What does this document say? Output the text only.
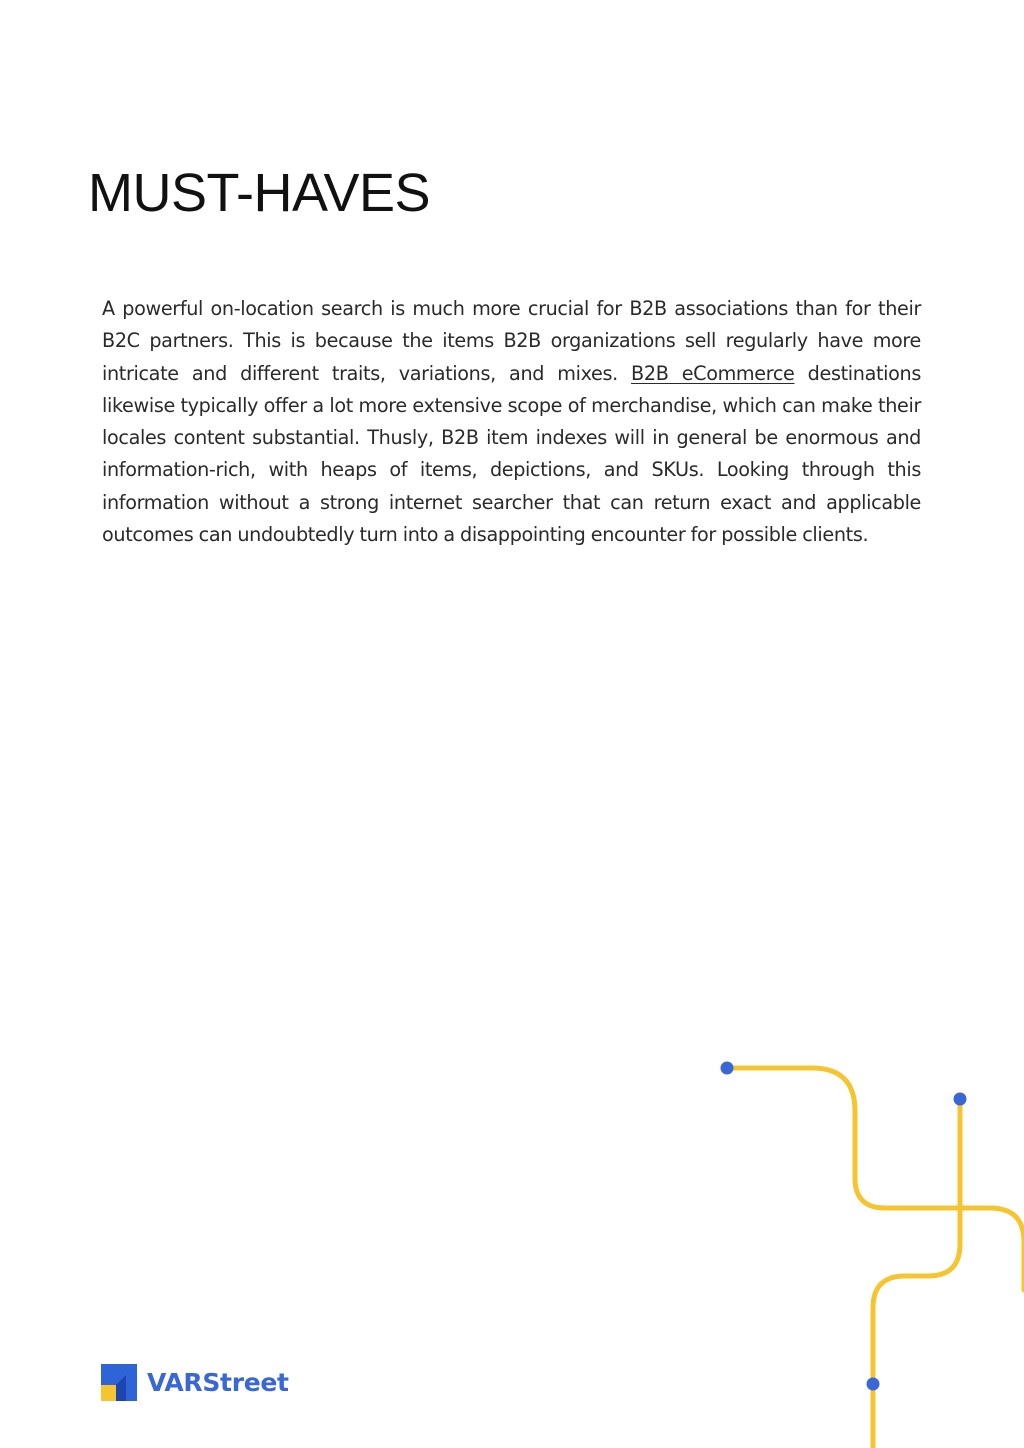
MUST-HAVES

A powerful on-location search is much more crucial for B2B associations than for their B2C partners. This is because the items B2B organizations sell regularly have more intricate and different traits, variations, and mixes. B2B eCommerce destinations likewise typically offer a lot more extensive scope of merchandise, which can make their locales content substantial. Thusly, B2B item indexes will in general be enormous and information-rich, with heaps of items, depictions, and SKUs. Looking through this information without a strong internet searcher that can return exact and applicable outcomes can undoubtedly turn into a disappointing encounter for possible clients.

VARStreet
